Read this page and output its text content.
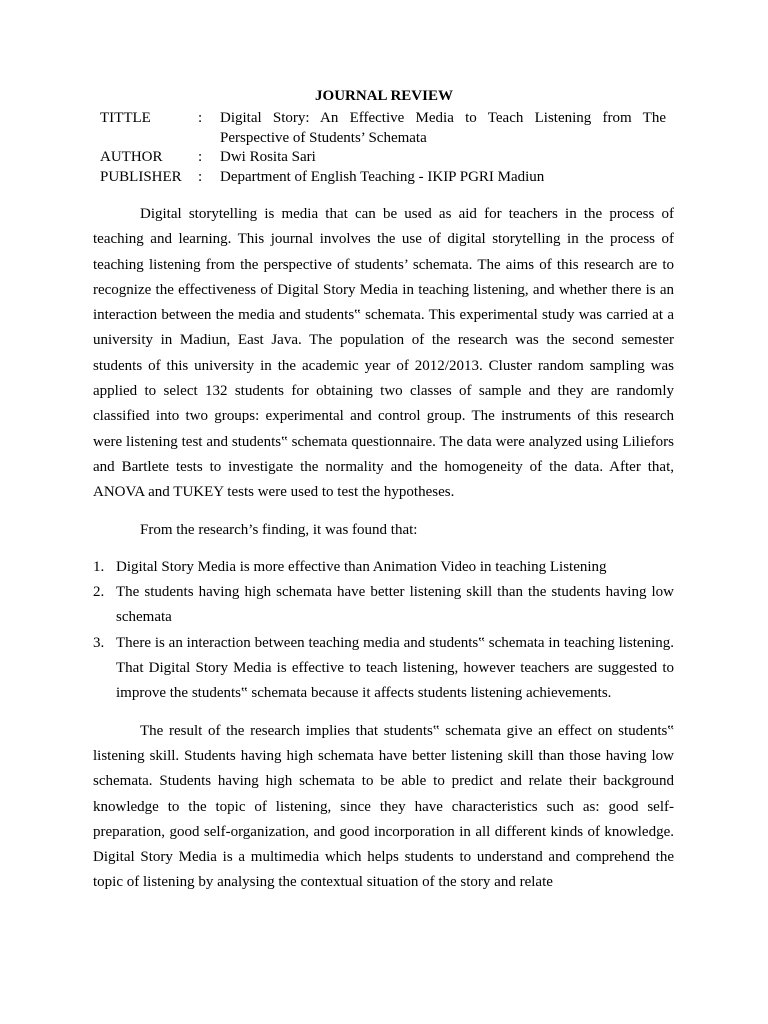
JOURNAL REVIEW
TITTLE	:	Digital Story: An Effective Media to Teach Listening from The Perspective of Students’ Schemata
AUTHOR	:	Dwi Rosita Sari
PUBLISHER	:	Department of English Teaching - IKIP PGRI Madiun

Digital storytelling is media that can be used as aid for teachers in the process of teaching and learning. This journal involves the use of digital storytelling in the process of teaching listening from the perspective of students’ schemata. The aims of this research are to recognize the effectiveness of Digital Story Media in teaching listening, and whether there is an interaction between the media and students‟ schemata. This experimental study was carried at a university in Madiun, East Java. The population of the research was the second semester students of this university in the academic year of 2012/2013. Cluster random sampling was applied to select 132 students for obtaining two classes of sample and they are randomly classified into two groups: experimental and control group. The instruments of this research were listening test and students‟ schemata questionnaire. The data were analyzed using Liliefors and Bartlete tests to investigate the normality and the homogeneity of the data. After that, ANOVA and TUKEY tests were used to test the hypotheses.

From the research’s finding, it was found that:

1. Digital Story Media is more effective than Animation Video in teaching Listening
2. The students having high schemata have better listening skill than the students having low schemata
3. There is an interaction between teaching media and students‟ schemata in teaching listening. That Digital Story Media is effective to teach listening, however teachers are suggested to improve the students‟ schemata because it affects students listening achievements.

The result of the research implies that students‟ schemata give an effect on students‟ listening skill. Students having high schemata have better listening skill than those having low schemata. Students having high schemata to be able to predict and relate their background knowledge to the topic of listening, since they have characteristics such as: good self-preparation, good self-organization, and good incorporation in all different kinds of knowledge. Digital Story Media is a multimedia which helps students to understand and comprehend the topic of listening by analysing the contextual situation of the story and relate
